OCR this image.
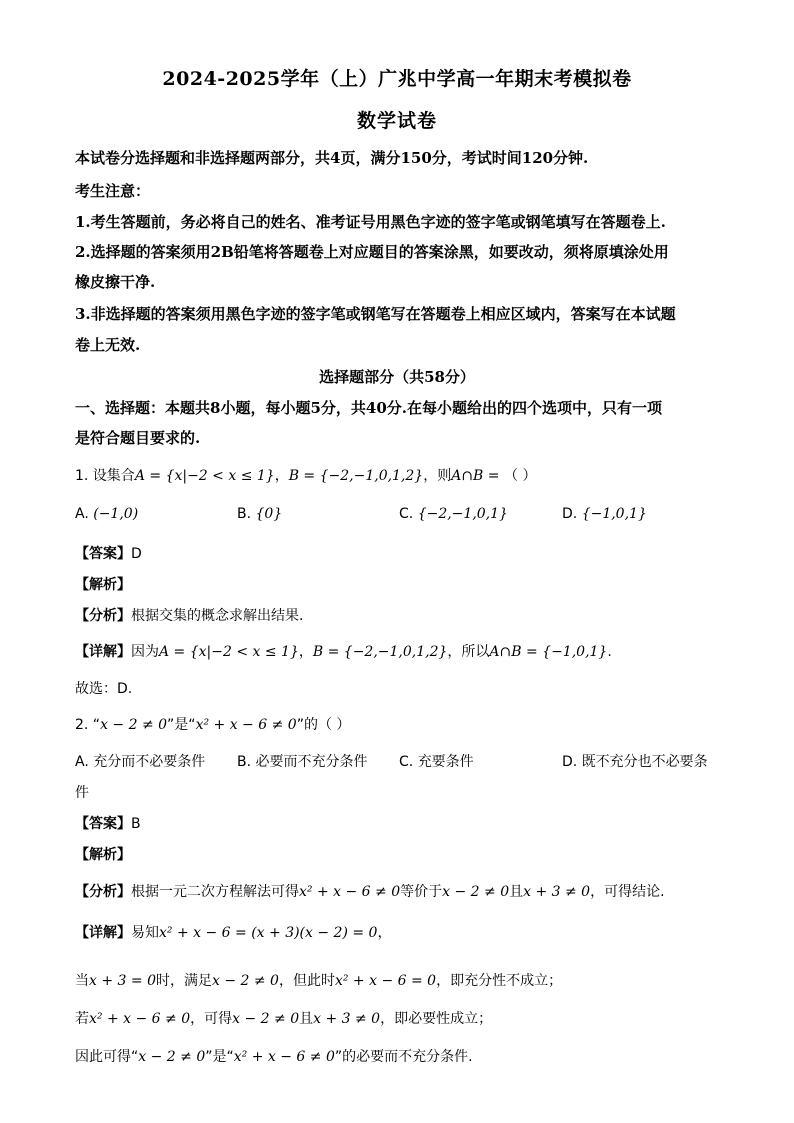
2024-2025学年（上）广兆中学高一年期末考模拟卷
数学试卷
本试卷分选择题和非选择题两部分，共4页，满分150分，考试时间120分钟.
考生注意：
1.考生答题前，务必将自己的姓名、准考证号用黑色字迹的签字笔或钢笔填写在答题卷上.
2.选择题的答案须用2B铅笔将答题卷上对应题目的答案涂黑，如要改动，须将原填涂处用
橡皮擦干净.
3.非选择题的答案须用黑色字迹的签字笔或钢笔写在答题卷上相应区域内，答案写在本试题
卷上无效.
选择题部分（共58分）
一、选择题：本题共8小题，每小题5分，共40分.在每小题给出的四个选项中，只有一项
是符合题目要求的.
1. 设集合A = {x|−2 < x ≤ 1}，B = {−2,−1,0,1,2}，则A∩B = （ ）
A. (−1,0)	B. {0}	C. {−2,−1,0,1}	D. {−1,0,1}
【答案】D
【解析】
【分析】根据交集的概念求解出结果.
【详解】因为A = {x|−2 < x ≤ 1}，B = {−2,−1,0,1,2}，所以A∩B = {−1,0,1}.
故选：D.
2. “x − 2 ≠ 0”是“x² + x − 6 ≠ 0”的（ ）
A. 充分而不必要条件 B. 必要而不充分条件 C. 充要条件	D. 既不充分也不必要条
件
【答案】B
【解析】
【分析】根据一元二次方程解法可得x² + x − 6 ≠ 0等价于x − 2 ≠ 0且x + 3 ≠ 0，可得结论.
【详解】易知x² + x − 6 = (x + 3)(x − 2) = 0，
当x + 3 = 0时，满足x − 2 ≠ 0，但此时x² + x − 6 = 0，即充分性不成立；
若x² + x − 6 ≠ 0，可得x − 2 ≠ 0且x + 3 ≠ 0，即必要性成立；
因此可得“x − 2 ≠ 0”是“x² + x − 6 ≠ 0”的必要而不充分条件.
